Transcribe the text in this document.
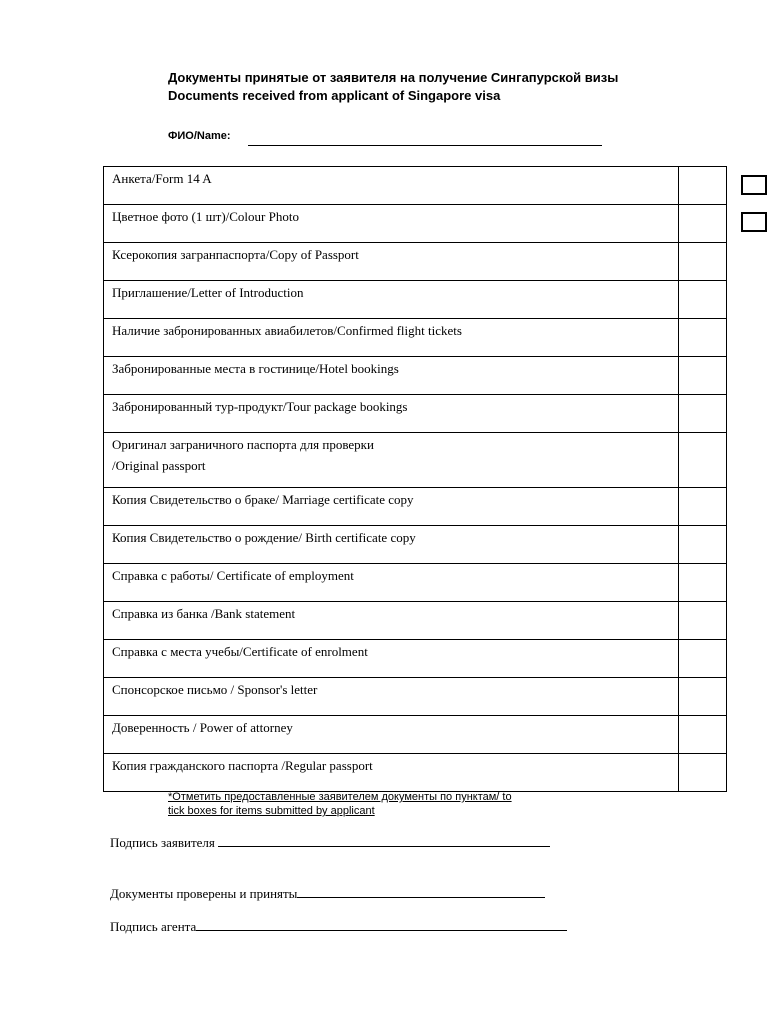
Документы принятые от заявителя на получение Сингапурской визы
Documents received from applicant of Singapore visa
ФИО/Name:
Анкета/Form 14 A	
Цветное фото (1 шт)/Colour Photo	
Ксерокопия загранпаспорта/Copy of Passport	
Приглашение/Letter of Introduction	
Наличие забронированных авиабилетов/Confirmed flight tickets	
Забронированные места в гостинице/Hotel bookings	
Забронированный тур-продукт/Tour package bookings	

Оригинал заграничного паспорта для проверки
/Original passport	

Копия Свидетельство о браке/ Marriage certificate copy	
Копия Свидетельство о рождение/ Birth certificate copy	
Справка с работы/ Certificate of employment	
Справка из банка /Bank statement	
Справка с места учебы/Certificate of enrolment	
Спонсорское письмо / Sponsor's letter	
Доверенность / Power of attorney	
Копия гражданского паспорта /Regular passport	
*Отметить предоставленные заявителем документы по пунктам/ to
tick boxes for items submitted by applicant
Подпись заявителя
Документы проверены и приняты
Подпись агента
